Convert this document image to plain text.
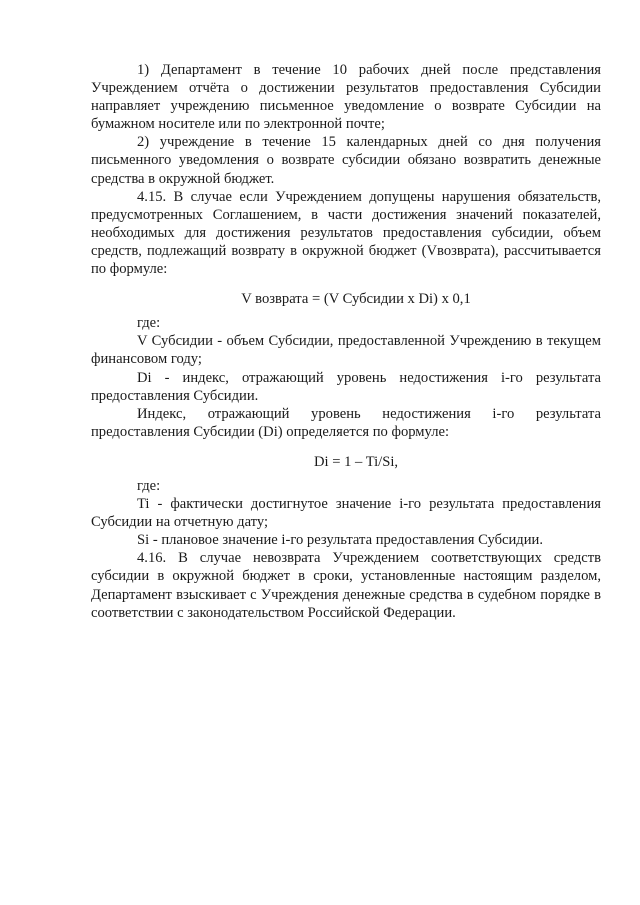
1) Департамент в течение 10 рабочих дней после представления Учреждением отчёта о достижении результатов предоставления Субсидии направляет учреждению письменное уведомление о возврате Субсидии на бумажном носителе или по электронной почте;

2) учреждение в течение 15 календарных дней со дня получения письменного уведомления о возврате субсидии обязано возвратить денежные средства в окружной бюджет.

4.15. В случае если Учреждением допущены нарушения обязательств, предусмотренных Соглашением, в части достижения значений показателей, необходимых для достижения результатов предоставления субсидии, объем средств, подлежащий возврату в окружной бюджет (Vвозврата), рассчитывается по формуле:

V возврата = (V Субсидии x Di) x 0,1

где:

V Субсидии - объем Субсидии, предоставленной Учреждению в текущем финансовом году;

Di - индекс, отражающий уровень недостижения i-го результата предоставления Субсидии.

Индекс, отражающий уровень недостижения i-го результата предоставления Субсидии (Di) определяется по формуле:

Di = 1 – Ti/Si,

где:

Ti - фактически достигнутое значение i-го результата предоставления Субсидии на отчетную дату;

Si - плановое значение i-го результата предоставления Субсидии.

4.16. В случае невозврата Учреждением соответствующих средств субсидии в окружной бюджет в сроки, установленные настоящим разделом, Департамент взыскивает с Учреждения денежные средства в судебном порядке в соответствии с законодательством Российской Федерации.
